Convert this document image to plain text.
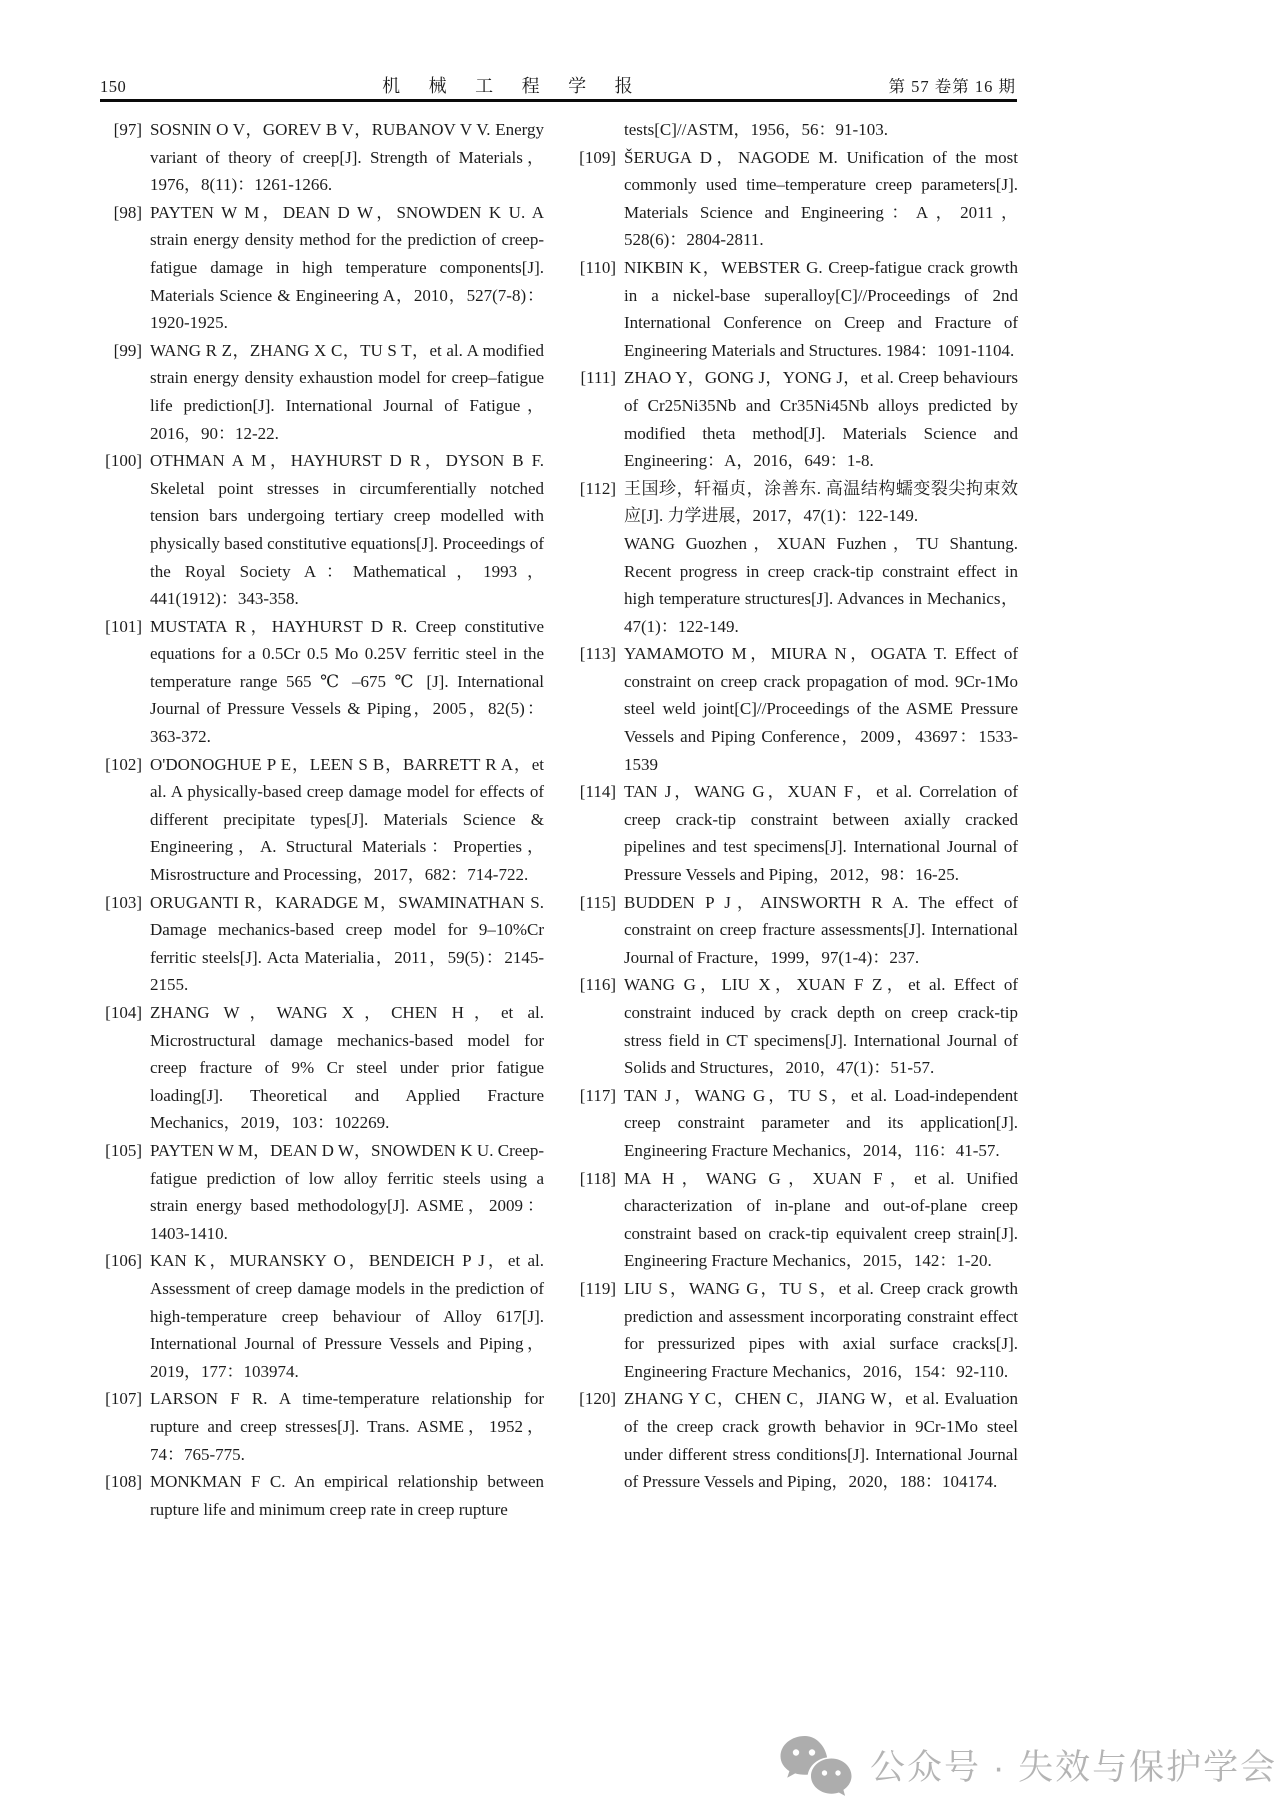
150	机 械 工 程 学 报	第 57 卷第 16 期
[97] SOSNIN O V，GOREV B V，RUBANOV V V. Energy variant of theory of creep[J]. Strength of Materials，1976，8(11)：1261-1266.
[98] PAYTEN W M，DEAN D W，SNOWDEN K U. A strain energy density method for the prediction of creep-fatigue damage in high temperature components[J]. Materials Science & Engineering A，2010，527(7-8)：1920-1925.
[99] WANG R Z，ZHANG X C，TU S T，et al. A modified strain energy density exhaustion model for creep–fatigue life prediction[J]. International Journal of Fatigue，2016，90：12-22.
[100] OTHMAN A M，HAYHURST D R，DYSON B F. Skeletal point stresses in circumferentially notched tension bars undergoing tertiary creep modelled with physically based constitutive equations[J]. Proceedings of the Royal Society A：Mathematical，1993，441(1912)：343-358.
[101] MUSTATA R，HAYHURST D R. Creep constitutive equations for a 0.5Cr 0.5 Mo 0.25V ferritic steel in the temperature range 565 ℃ –675 ℃ [J]. International Journal of Pressure Vessels & Piping，2005，82(5)：363-372.
[102] O'DONOGHUE P E，LEEN S B，BARRETT R A，et al. A physically-based creep damage model for effects of different precipitate types[J]. Materials Science & Engineering，A. Structural Materials：Properties，Misrostructure and Processing，2017，682：714-722.
[103] ORUGANTI R，KARADGE M，SWAMINATHAN S. Damage mechanics-based creep model for 9–10%Cr ferritic steels[J]. Acta Materialia，2011，59(5)：2145-2155.
[104] ZHANG W，WANG X，CHEN H，et al. Microstructural damage mechanics-based model for creep fracture of 9% Cr steel under prior fatigue loading[J]. Theoretical and Applied Fracture Mechanics，2019，103：102269.
[105] PAYTEN W M，DEAN D W，SNOWDEN K U. Creep-fatigue prediction of low alloy ferritic steels using a strain energy based methodology[J]. ASME，2009：1403-1410.
[106] KAN K，MURANSKY O，BENDEICH P J，et al. Assessment of creep damage models in the prediction of high-temperature creep behaviour of Alloy 617[J]. International Journal of Pressure Vessels and Piping，2019，177：103974.
[107] LARSON F R. A time-temperature relationship for rupture and creep stresses[J]. Trans. ASME，1952，74：765-775.
[108] MONKMAN F C. An empirical relationship between rupture life and minimum creep rate in creep rupture
tests[C]//ASTM，1956，56：91-103.
[109] ŠERUGA D，NAGODE M. Unification of the most commonly used time–temperature creep parameters[J]. Materials Science and Engineering：A，2011，528(6)：2804-2811.
[110] NIKBIN K，WEBSTER G. Creep-fatigue crack growth in a nickel-base superalloy[C]//Proceedings of 2nd International Conference on Creep and Fracture of Engineering Materials and Structures. 1984：1091-1104.
[111] ZHAO Y，GONG J，YONG J，et al. Creep behaviours of Cr25Ni35Nb and Cr35Ni45Nb alloys predicted by modified theta method[J]. Materials Science and Engineering：A，2016，649：1-8.
[112] 王国珍，轩福贞，涂善东. 高温结构蠕变裂尖拘束效应[J]. 力学进展，2017，47(1)：122-149.
WANG Guozhen，XUAN Fuzhen，TU Shantung. Recent progress in creep crack-tip constraint effect in high temperature structures[J]. Advances in Mechanics，47(1)：122-149.
[113] YAMAMOTO M，MIURA N，OGATA T. Effect of constraint on creep crack propagation of mod. 9Cr-1Mo steel weld joint[C]//Proceedings of the ASME Pressure Vessels and Piping Conference，2009，43697：1533-1539
[114] TAN J，WANG G，XUAN F，et al. Correlation of creep crack-tip constraint between axially cracked pipelines and test specimens[J]. International Journal of Pressure Vessels and Piping，2012，98：16-25.
[115] BUDDEN P J，AINSWORTH R A. The effect of constraint on creep fracture assessments[J]. International Journal of Fracture，1999，97(1-4)：237.
[116] WANG G，LIU X，XUAN F Z，et al. Effect of constraint induced by crack depth on creep crack-tip stress field in CT specimens[J]. International Journal of Solids and Structures，2010，47(1)：51-57.
[117] TAN J，WANG G，TU S，et al. Load-independent creep constraint parameter and its application[J]. Engineering Fracture Mechanics，2014，116：41-57.
[118] MA H，WANG G，XUAN F，et al. Unified characterization of in-plane and out-of-plane creep constraint based on crack-tip equivalent creep strain[J]. Engineering Fracture Mechanics，2015，142：1-20.
[119] LIU S，WANG G，TU S，et al. Creep crack growth prediction and assessment incorporating constraint effect for pressurized pipes with axial surface cracks[J]. Engineering Fracture Mechanics，2016，154：92-110.
[120] ZHANG Y C，CHEN C，JIANG W，et al. Evaluation of the creep crack growth behavior in 9Cr-1Mo steel under different stress conditions[J]. International Journal of Pressure Vessels and Piping，2020，188：104174.
公众号 · 失效与保护学会
